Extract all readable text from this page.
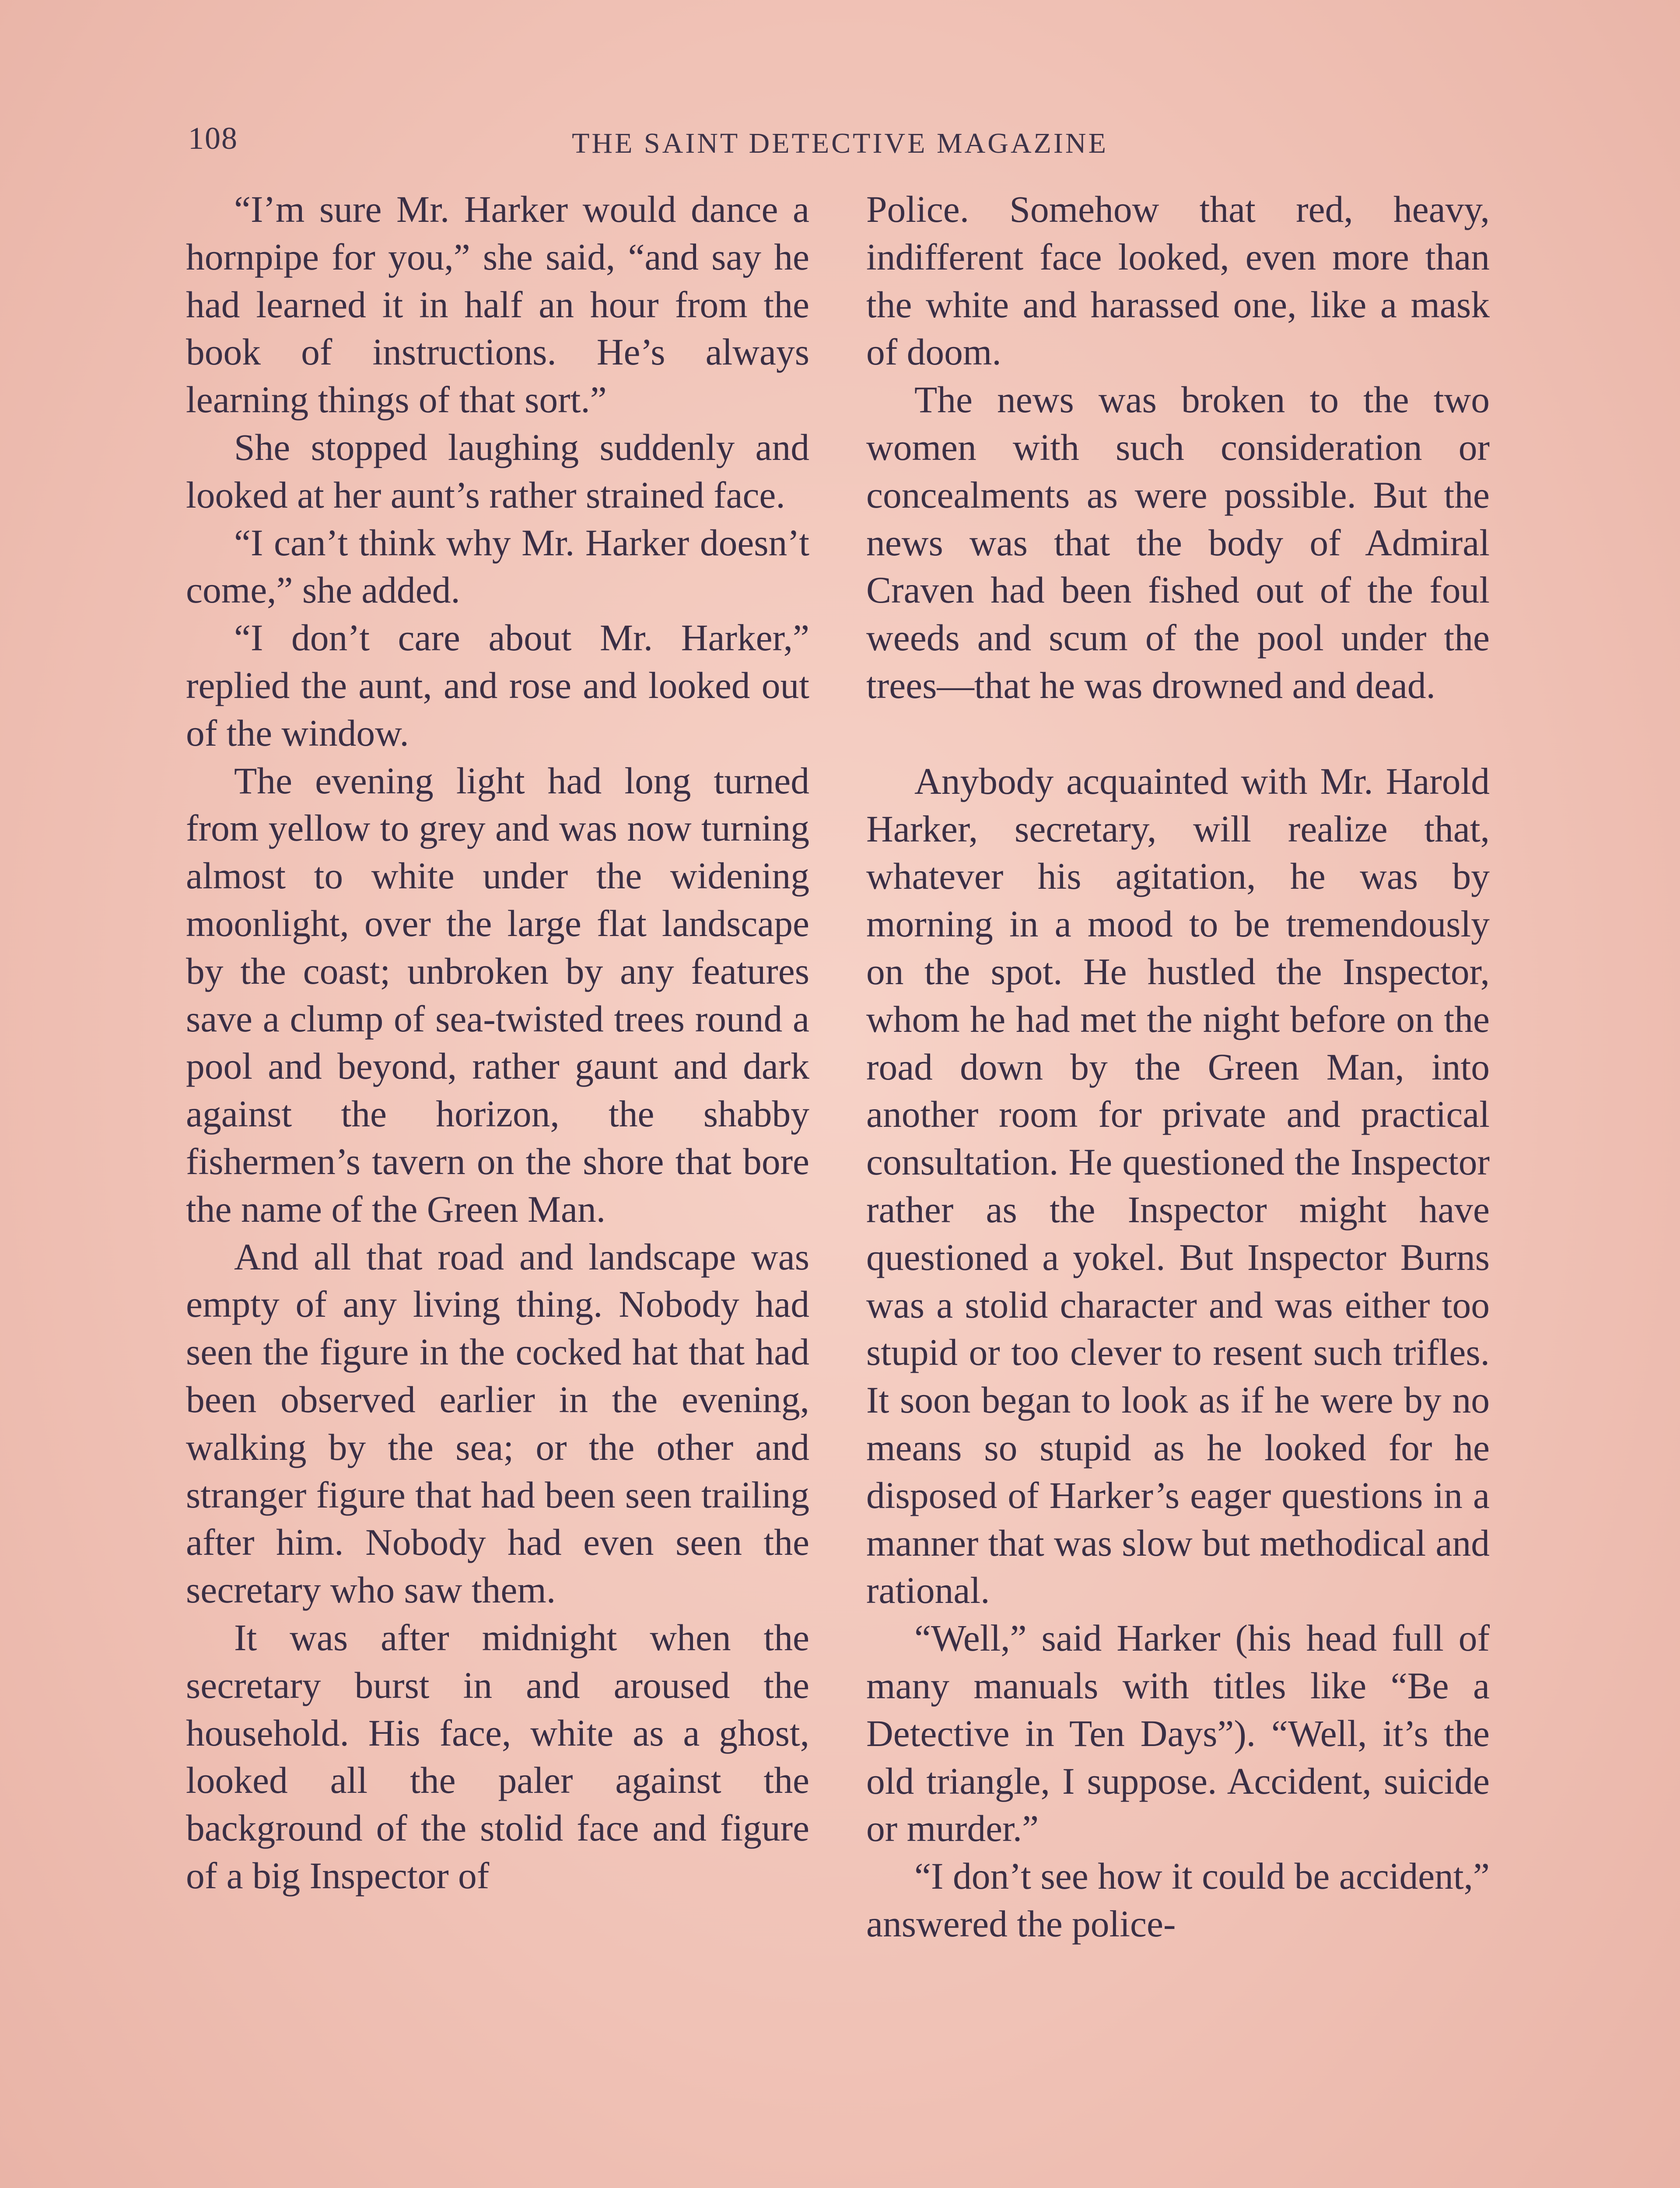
108	THE SAINT DETECTIVE MAGAZINE

“I’m sure Mr. Harker would dance a hornpipe for you,” she said, “and say he had learned it in half an hour from the book of instructions. He’s always learning things of that sort.”

She stopped laughing suddenly and looked at her aunt’s rather strained face.

“I can’t think why Mr. Harker doesn’t come,” she added.

“I don’t care about Mr. Harker,” replied the aunt, and rose and looked out of the window.

The evening light had long turned from yellow to grey and was now turning almost to white under the widening moonlight, over the large flat landscape by the coast; unbroken by any features save a clump of sea-twisted trees round a pool and beyond, rather gaunt and dark against the horizon, the shabby fishermen’s tavern on the shore that bore the name of the Green Man.

And all that road and landscape was empty of any living thing. Nobody had seen the figure in the cocked hat that had been observed earlier in the evening, walking by the sea; or the other and stranger figure that had been seen trailing after him. Nobody had even seen the secretary who saw them.

It was after midnight when the secretary burst in and aroused the household. His face, white as a ghost, looked all the paler against the background of the stolid face and figure of a big Inspector of

Police. Somehow that red, heavy, indifferent face looked, even more than the white and harassed one, like a mask of doom.

The news was broken to the two women with such consideration or concealments as were possible. But the news was that the body of Admiral Craven had been fished out of the foul weeds and scum of the pool under the trees—that he was drowned and dead.

Anybody acquainted with Mr. Harold Harker, secretary, will realize that, whatever his agitation, he was by morning in a mood to be tremendously on the spot. He hustled the Inspector, whom he had met the night before on the road down by the Green Man, into another room for private and practical consultation. He questioned the Inspector rather as the Inspector might have questioned a yokel. But Inspector Burns was a stolid character and was either too stupid or too clever to resent such trifles. It soon began to look as if he were by no means so stupid as he looked for he disposed of Harker’s eager questions in a manner that was slow but methodical and rational.

“Well,” said Harker (his head full of many manuals with titles like “Be a Detective in Ten Days”). “Well, it’s the old triangle, I suppose. Accident, suicide or murder.”

“I don’t see how it could be accident,” answered the police-
